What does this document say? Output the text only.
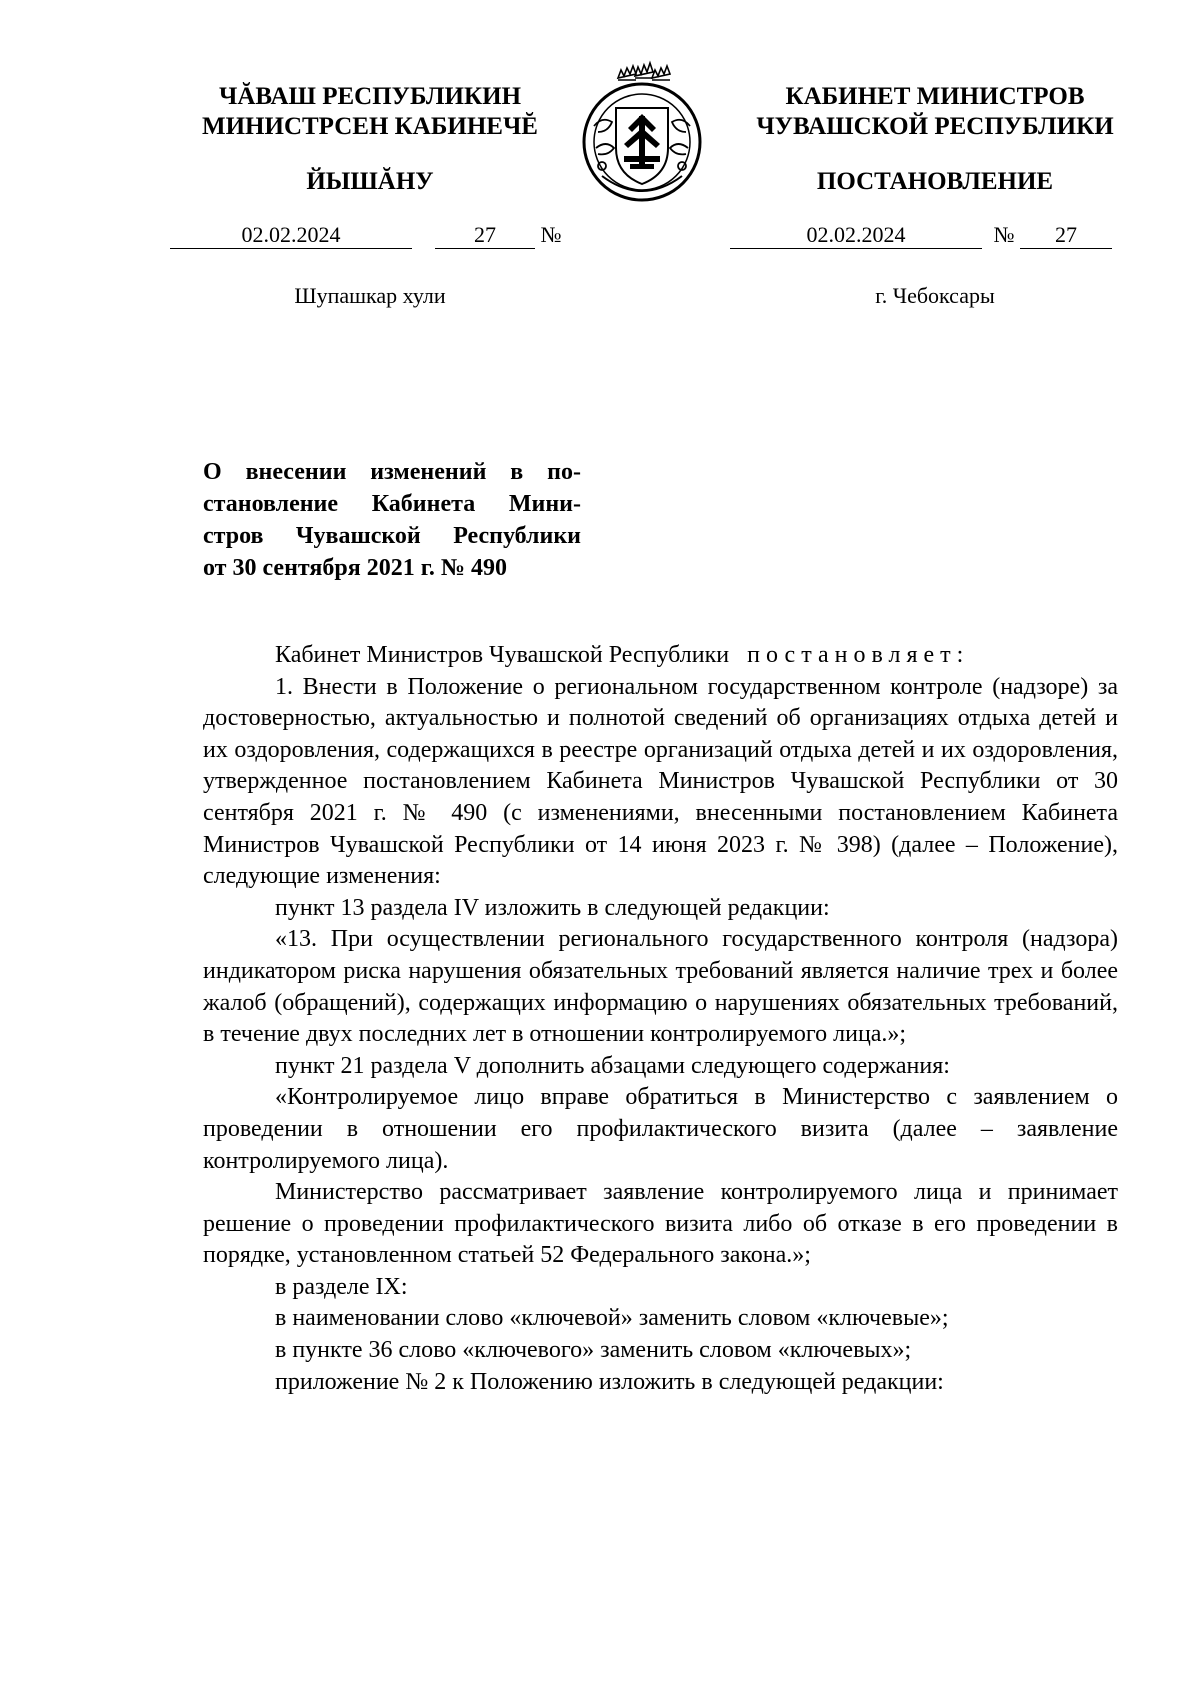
ЧĂВАШ РЕСПУБЛИКИН
МИНИСТРСЕН КАБИНЕЧĔ
ЙЫШĂНУ
КАБИНЕТ МИНИСТРОВ
ЧУВАШСКОЙ РЕСПУБЛИКИ
ПОСТАНОВЛЕНИЕ
02.02.2024	27 №	02.02.2024	№ 27
Шупашкар хули	г. Чебоксары
О внесении изменений в по-
становление Кабинета Мини-
стров Чувашской Республики
от 30 сентября 2021 г. № 490

Кабинет Министров Чувашской Республики постановляет:

1. Внести в Положение о региональном государственном контроле (надзоре) за достоверностью, актуальностью и полнотой сведений об организациях отдыха детей и их оздоровления, содержащихся в реестре организаций отдыха детей и их оздоровления, утвержденное постановлением Кабинета Министров Чувашской Республики от 30 сентября 2021 г. № 490 (с изменениями, внесенными постановлением Кабинета Министров Чувашской Республики от 14 июня 2023 г. № 398) (далее – Положение), следующие изменения:

пункт 13 раздела IV изложить в следующей редакции:

«13. При осуществлении регионального государственного контроля (надзора) индикатором риска нарушения обязательных требований является наличие трех и более жалоб (обращений), содержащих информацию о нарушениях обязательных требований, в течение двух последних лет в отношении контролируемого лица.»;

пункт 21 раздела V дополнить абзацами следующего содержания:

«Контролируемое лицо вправе обратиться в Министерство с заявлением о проведении в отношении его профилактического визита (далее – заявление контролируемого лица).

Министерство рассматривает заявление контролируемого лица и принимает решение о проведении профилактического визита либо об отказе в его проведении в порядке, установленном статьей 52 Федерального закона.»;

в разделе IX:

в наименовании слово «ключевой» заменить словом «ключевые»;

в пункте 36 слово «ключевого» заменить словом «ключевых»;

приложение № 2 к Положению изложить в следующей редакции:
